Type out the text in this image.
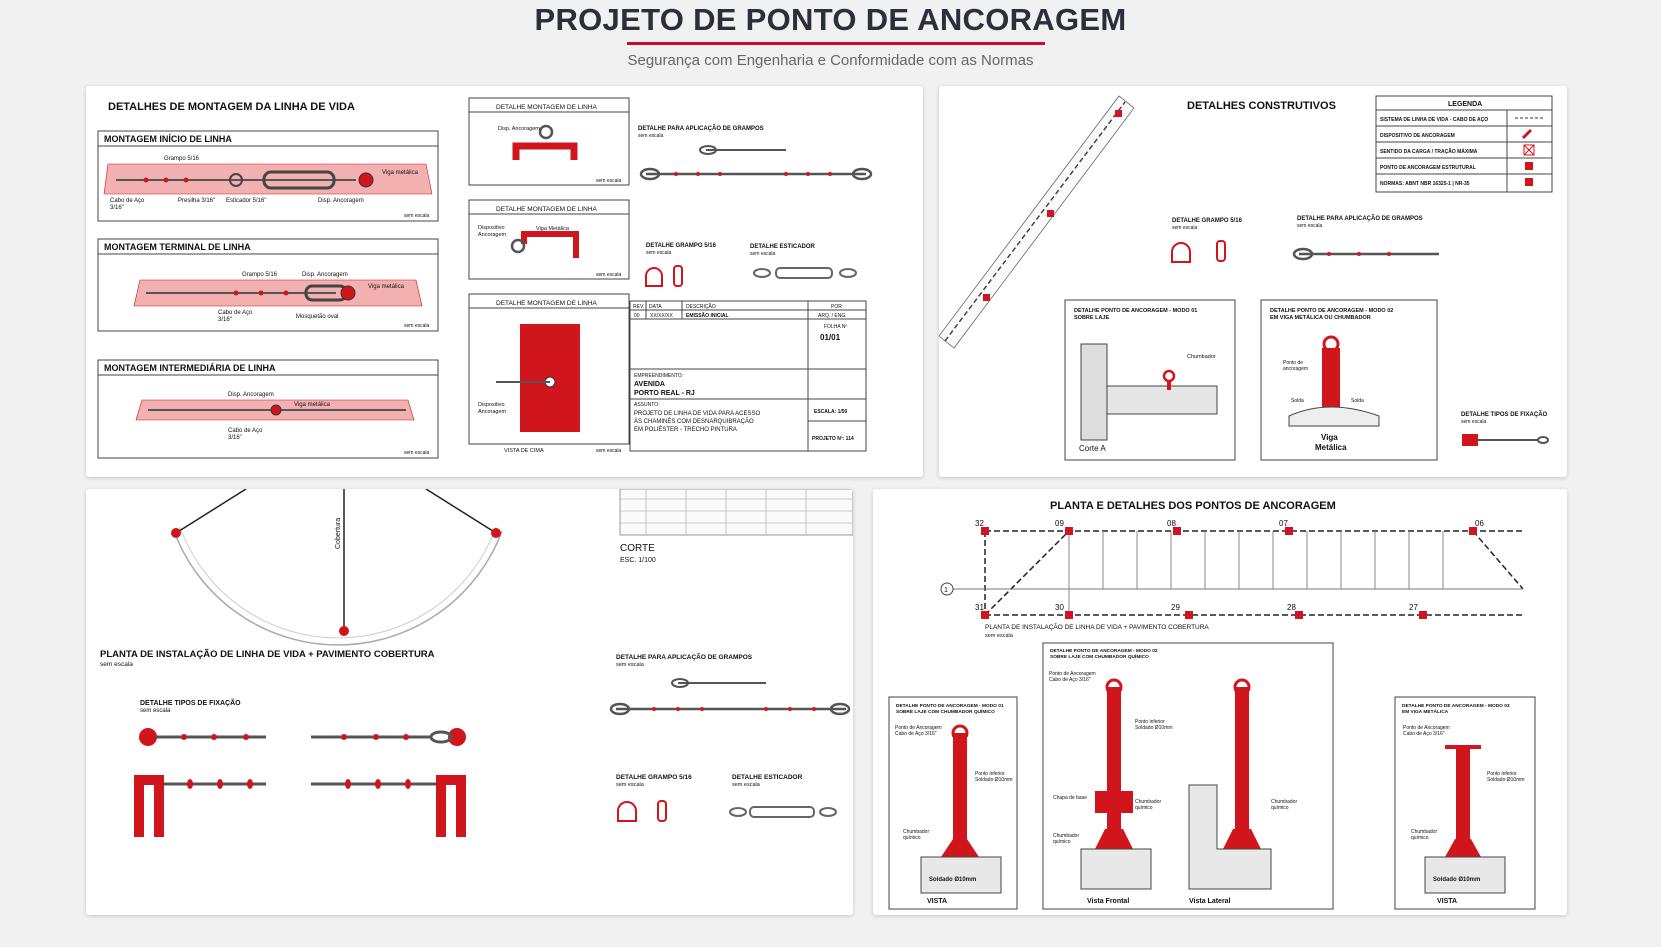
PROJETO DE PONTO DE ANCORAGEM
Segurança com Engenharia e Conformidade com as Normas
DETALHES DE MONTAGEM DA LINHA DE VIDA
MONTAGEM INÍCIO DE LINHA
Grampo 5/16
Viga metálica
Cabo de Aço
3/16"
Presilha 3/16" Esticador 5/16"	Disp. Ancoragem
sem escala
MONTAGEM TERMINAL DE LINHA
Grampo 5/16	Disp. Ancoragem
Viga metálica
Cabo de Aço
3/16"	Mosquetão oval
sem escala
MONTAGEM INTERMEDIÁRIA DE LINHA
Disp. Ancoragem
Viga metálica
Cabo de Aço
3/16"
sem escala
DETALHE MONTAGEM DE LINHA
Disp. Ancoragem
sem escala
DETALHE MONTAGEM DE LINHA
Dispositivo
Ancoragem
Viga Metálica
sem escala
DETALHE MONTAGEM DE LINHA
Dispositivo
Ancoragem
VISTA DE CIMA	sem escala
DETALHE PARA APLICAÇÃO DE GRAMPOS
sem escala
DETALHE GRAMPO 5/16
sem escala
DETALHE ESTICADOR
sem escala
REV. DATA	DESCRIÇÃO	POR
00 XX/XX/XX	EMISSÃO INICIAL	ARQ. / ENG.
FOLHA Nº
01/01
EMPREENDIMENTO:
AVENIDA
PORTO REAL - RJ
ASSUNTO:
PROJETO DE LINHA DE VIDA PARA ACESSO
ÀS CHAMINÉS COM DESNARQUIBRAÇÃO
EM POLIÉSTER - TRECHO PINTURA
ESCALA: 1/50
PROJETO Nº: 114
DETALHES CONSTRUTIVOS	LEGENDA
SISTEMA DE LINHA DE VIDA - CABO DE AÇO
DISPOSITIVO DE ANCORAGEM
SENTIDO DA CARGA / TRAÇÃO MÁXIMA
PONTO DE ANCORAGEM ESTRUTURAL
NORMAS: ABNT NBR 16325-1 | NR-35
DETALHE GRAMPO 5/16
sem escala
DETALHE PARA APLICAÇÃO DE GRAMPOS
sem escala
DETALHE PONTO DE ANCORAGEM - MODO 01
SOBRE LAJE
Chumbador
Corte A
DETALHE PONTO DE ANCORAGEM - MODO 02
EM VIGA METÁLICA OU CHUMBADOR
Ponto de
ancoragem
Solda	Solda
Viga
Metálica
DETALHE TIPOS DE FIXAÇÃO
sem escala
Cobertura	CORTE
ESC. 1/100
PLANTA DE INSTALAÇÃO DE LINHA DE VIDA + PAVIMENTO COBERTURA
sem escala
DETALHE TIPOS DE FIXAÇÃO
sem escala
DETALHE PARA APLICAÇÃO DE GRAMPOS
sem escala
DETALHE GRAMPO 5/16
sem escala
DETALHE ESTICADOR
sem escala
PLANTA E DETALHES DOS PONTOS DE ANCORAGEM
1
32	09	08	07	06
31	30	29	28	27
PLANTA DE INSTALAÇÃO DE LINHA DE VIDA + PAVIMENTO COBERTURA
sem escala
DETALHE PONTO DE ANCORAGEM - MODO 01
SOBRE LAJE COM CHUMBADOR QUÍMICO
Ponto de Ancoragem
Cabo de Aço 3/16"
Ponto inferior
Soldado Ø10mm
Chumbador
químico
Soldado Ø10mm
VISTA
DETALHE PONTO DE ANCORAGEM - MODO 02
SOBRE LAJE COM CHUMBADOR QUÍMICO
Ponto de Ancoragem
Cabo de Aço 3/16"
Ponto inferior
Soldado Ø10mm
Chapa de base
Chumbador
químico
Chumbador
químico
Chumbador
químico
Vista Frontal	Vista Lateral
DETALHE PONTO DE ANCORAGEM - MODO 03
EM VIGA METÁLICA
Ponto de Ancoragem
Cabo de Aço 3/16"
Ponto inferior
Soldado Ø10mm
Chumbador
químico
Soldado Ø10mm
VISTA
